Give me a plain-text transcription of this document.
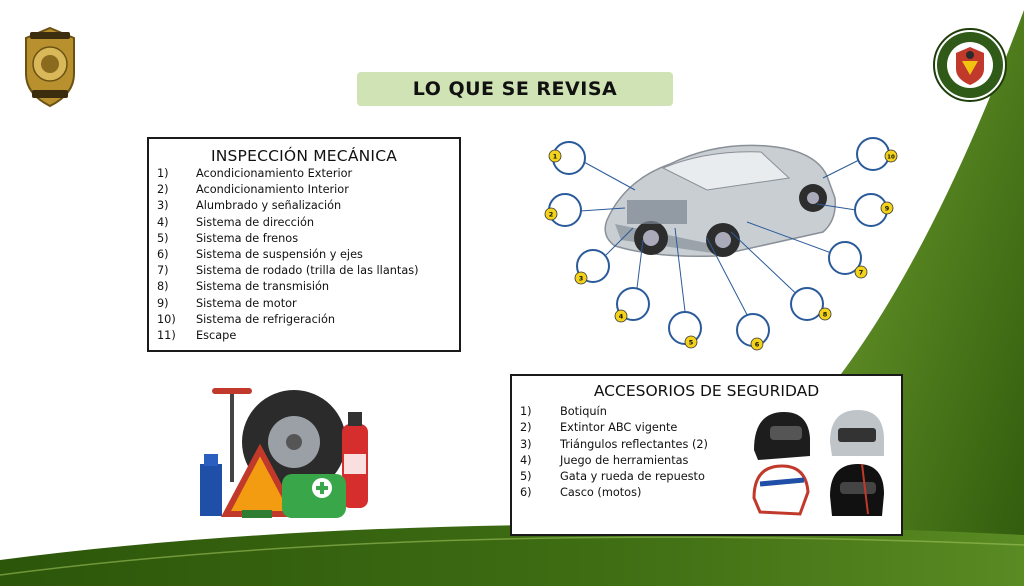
LO QUE SE REVISA
INSPECCIÓN MECÁNICA
1)	Acondicionamiento Exterior
2)	Acondicionamiento Interior
3)	Alumbrado y señalización
4)	Sistema de dirección
5)	Sistema de frenos
6)	Sistema de suspensión y ejes
7)	Sistema de rodado (trilla de las llantas)
8)	Sistema de transmisión
9)	Sistema de motor
10)	Sistema de refrigeración
11)	Escape
1
2
3
4
5	6
7
8
9
10
ACCESORIOS DE SEGURIDAD
1)	Botiquín
2)	Extintor ABC vigente
3)	Triángulos reflectantes (2)
4)	Juego de herramientas
5)	Gata y rueda de repuesto
6)	Casco (motos)
